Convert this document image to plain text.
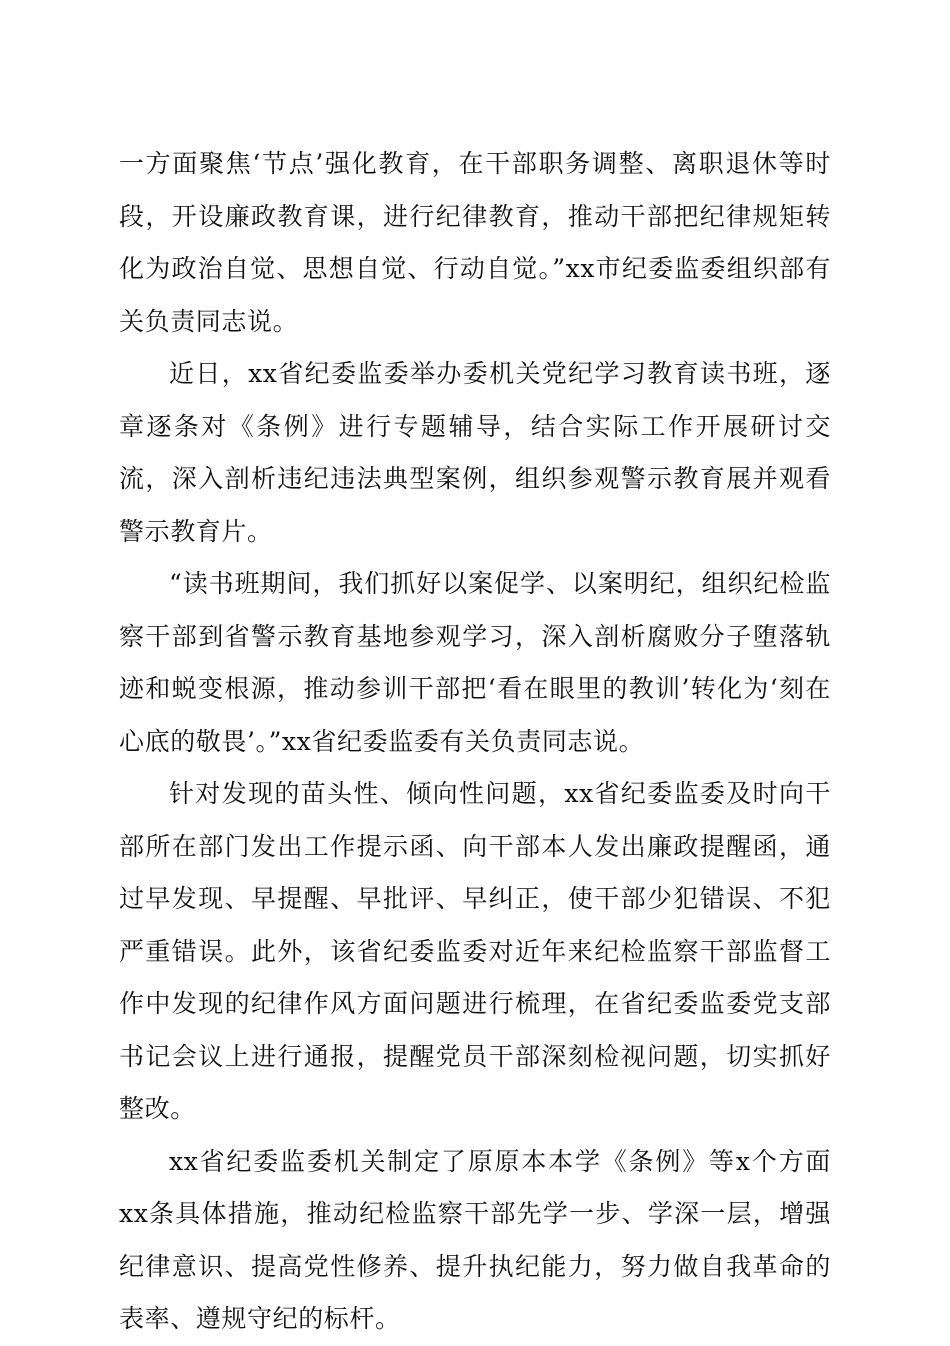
一方面聚焦‘节点’强化教育，在干部职务调整、离职退休等时段，开设廉政教育课，进行纪律教育，推动干部把纪律规矩转化为政治自觉、思想自觉、行动自觉。”xx市纪委监委组织部有关负责同志说。

近日，xx省纪委监委举办委机关党纪学习教育读书班，逐章逐条对《条例》进行专题辅导，结合实际工作开展研讨交流，深入剖析违纪违法典型案例，组织参观警示教育展并观看警示教育片。

“读书班期间，我们抓好以案促学、以案明纪，组织纪检监察干部到省警示教育基地参观学习，深入剖析腐败分子堕落轨迹和蜕变根源，推动参训干部把‘看在眼里的教训’转化为‘刻在心底的敬畏’。”xx省纪委监委有关负责同志说。

针对发现的苗头性、倾向性问题，xx省纪委监委及时向干部所在部门发出工作提示函、向干部本人发出廉政提醒函，通过早发现、早提醒、早批评、早纠正，使干部少犯错误、不犯严重错误。此外，该省纪委监委对近年来纪检监察干部监督工作中发现的纪律作风方面问题进行梳理，在省纪委监委党支部书记会议上进行通报，提醒党员干部深刻检视问题，切实抓好整改。

xx省纪委监委机关制定了原原本本学《条例》等x个方面xx条具体措施，推动纪检监察干部先学一步、学深一层，增强纪律意识、提高党性修养、提升执纪能力，努力做自我革命的表率、遵规守纪的标杆。
